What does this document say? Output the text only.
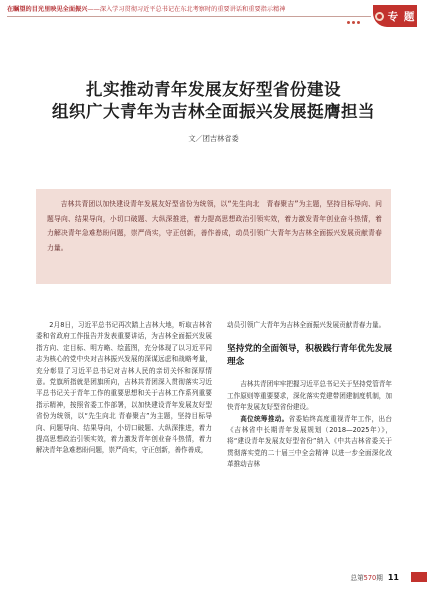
在瞩望的目光里映见全面振兴——深入学习贯彻习近平总书记在东北考察时的重要讲话和重要指示精神
专 题
扎实推动青年发展友好型省份建设
组织广大青年为吉林全面振兴发展挺膺担当
文／团吉林省委

吉林共青团以加快建设青年发展友好型省份为统领，以“先生向北　青春聚吉”为主题，坚持目标导向、问题导向、结果导向，小切口破题、大纵深推进，着力提高思想政治引领实效，着力激发青年创业奋斗热情，着力解决青年急难愁盼问题，崇严尚实，守正创新，善作善成，动员引领广大青年为吉林全面振兴发展贡献青春力量。

2月8日，习近平总书记再次踏上吉林大地，听取吉林省委和省政府工作报告并发表重要讲话，为吉林全面振兴发展指方向、定目标、明方略、绘蓝图，充分体现了以习近平同志为核心的党中央对吉林振兴发展的深谋远虑和战略考量，充分彰显了习近平总书记对吉林人民的亲切关怀和深厚情意。党旗所指就是团旗所向，吉林共青团深入贯彻落实习近平总书记关于青年工作的重要思想和关于吉林工作系列重要指示精神，按照省委工作部署，以加快建设青年发展友好型省份为统领，以“先生向北 青春聚吉”为主题，坚持目标导向、问题导向、结果导向，小切口破题、大纵深推进，着力提高思想政治引领实效，着力激发青年创业奋斗热情，着力解决青年急难愁盼问题，崇严尚实，守正创新，善作善成，

动员引领广大青年为吉林全面振兴发展贡献青春力量。

坚持党的全面领导，积极践行青年优先发展理念

吉林共青团牢牢把握习近平总书记关于坚持党管青年工作原则等重要要求，深化落实党建带团建制度机制，加快青年发展友好型省份建设。

高位统筹推动。省委始终高度重视青年工作，出台《吉林省中长期青年发展规划（2018—2025年）》，将“建设青年发展友好型省份”纳入《中共吉林省委关于贯彻落实党的二十届三中全会精神 以进一步全面深化改革推动吉林

总第570期 11
